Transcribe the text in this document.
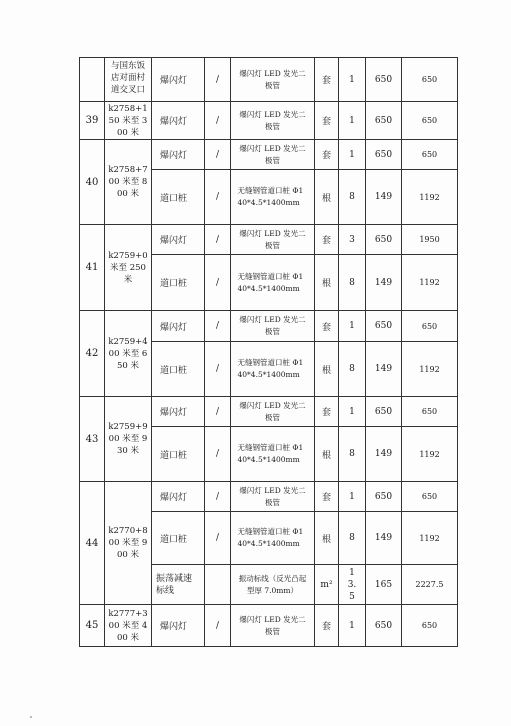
	与国东饭店对面村道交叉口	爆闪灯	/	爆闪灯 LED 发光二极管	套	1	650	650
39	k2758+150 米至 300 米	爆闪灯	/	爆闪灯 LED 发光二极管	套	1	650	650
40	k2758+700 米至 800 米	爆闪灯	/	爆闪灯 LED 发光二极管	套	1	650	650
		道口桩	/	无缝钢管道口桩 Φ140*4.5*1400mm	根	8	149	1192
41	k2759+0 米至 250 米	爆闪灯	/	爆闪灯 LED 发光二极管	套	3	650	1950
		道口桩	/	无缝钢管道口桩 Φ140*4.5*1400mm	根	8	149	1192
42	k2759+400 米至 650 米	爆闪灯	/	爆闪灯 LED 发光二极管	套	1	650	650
		道口桩	/	无缝钢管道口桩 Φ140*4.5*1400mm	根	8	149	1192
43	k2759+900 米至 930 米	爆闪灯	/	爆闪灯 LED 发光二极管	套	1	650	650
		道口桩	/	无缝钢管道口桩 Φ140*4.5*1400mm	根	8	149	1192
44	k2770+800 米至 900 米	爆闪灯	/	爆闪灯 LED 发光二极管	套	1	650	650
		道口桩	/	无缝钢管道口桩 Φ140*4.5*1400mm	根	8	149	1192
		振荡减速标线		振动标线（反光凸起型厚 7.0mm）	m²	13.5	165	2227.5
45	k2777+300 米至 400 米	爆闪灯	/	爆闪灯 LED 发光二极管	套	1	650	650
